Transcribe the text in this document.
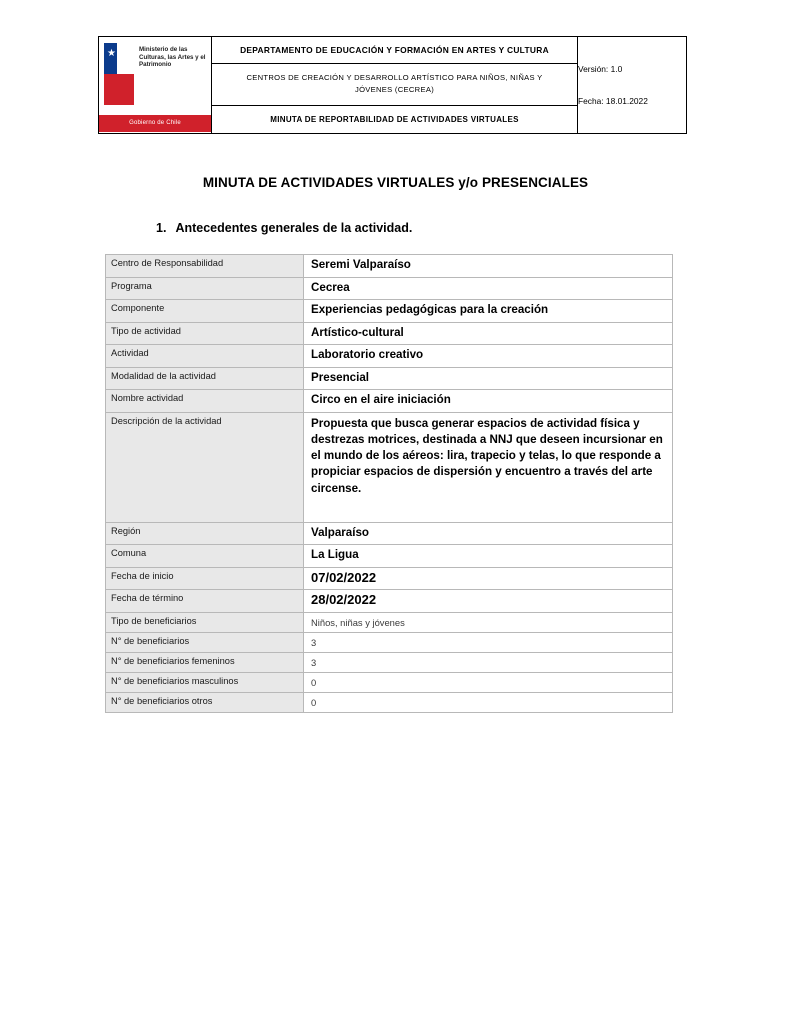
★	Ministerio de las Culturas, las Artes y el Patrimonio
Gobierno de Chile

DEPARTAMENTO DE EDUCACIÓN Y FORMACIÓN EN ARTES Y CULTURA

Versión: 1.0
Fecha: 18.01.2022

CENTROS DE CREACIÓN Y DESARROLLO ARTÍSTICO PARA NIÑOS, NIÑAS Y JÓVENES (CECREA)

MINUTA DE REPORTABILIDAD DE ACTIVIDADES VIRTUALES
MINUTA DE ACTIVIDADES VIRTUALES y/o PRESENCIALES
1. Antecedentes generales de la actividad.
Centro de Responsabilidad	Seremi Valparaíso
Programa	Cecrea
Componente	Experiencias pedagógicas para la creación
Tipo de actividad	Artístico-cultural
Actividad	Laboratorio creativo
Modalidad de la actividad	Presencial
Nombre actividad	Circo en el aire iniciación
Descripción de la actividad	Propuesta que busca generar espacios de actividad física y destrezas motrices, destinada a NNJ que deseen incursionar en el mundo de los aéreos: lira, trapecio y telas, lo que responde a propiciar espacios de dispersión y encuentro a través del arte circense.
Región	Valparaíso
Comuna	La Ligua
Fecha de inicio	07/02/2022
Fecha de término	28/02/2022
Tipo de beneficiarios	Niños, niñas y jóvenes
N° de beneficiarios	3
N° de beneficiarios femeninos	3
N° de beneficiarios masculinos	0
N° de beneficiarios otros	0
